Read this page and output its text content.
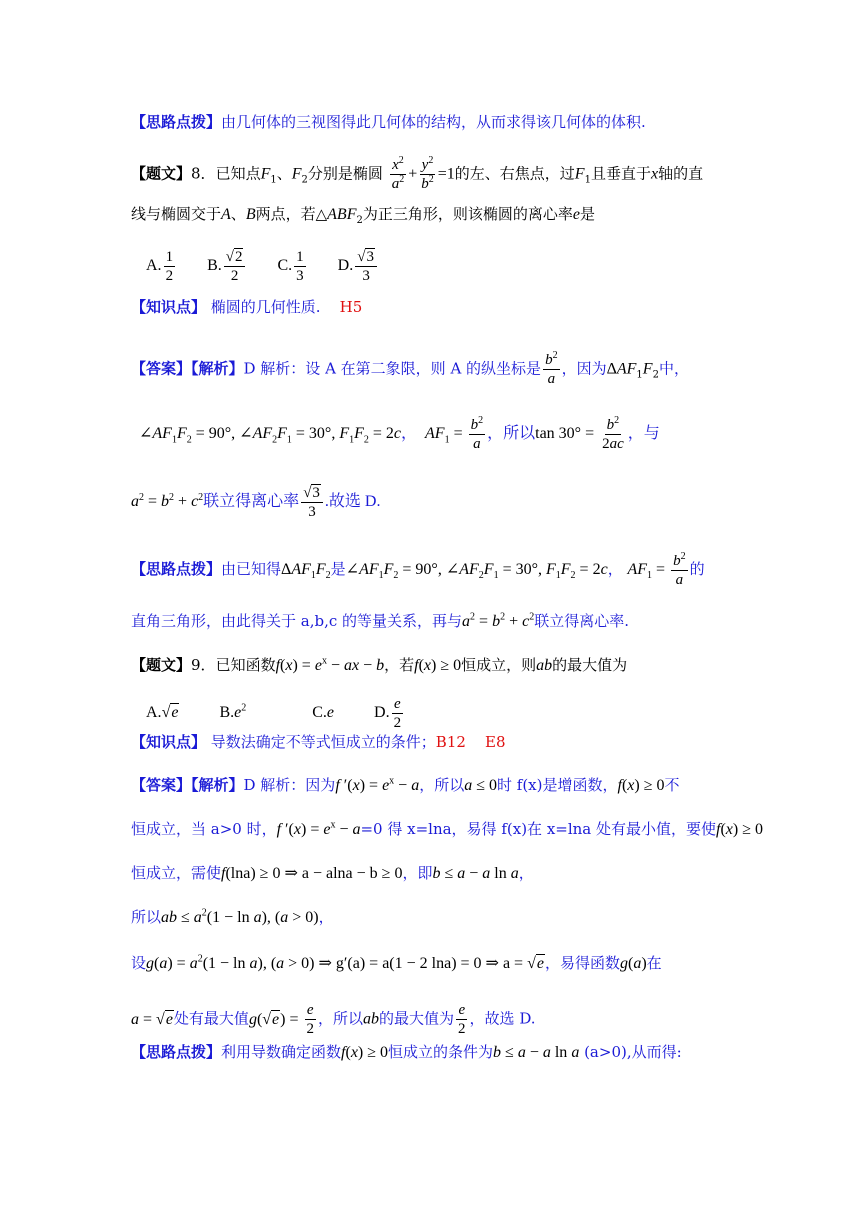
【思路点拨】由几何体的三视图得此几何体的结构，从而求得该几何体的体积.
【题文】8．已知点$F_1$、$F_2$分别是椭圆 $\frac{x^2}{a^2} + \frac{y^2}{b^2} =1$的左、右焦点，过$F_1$且垂直于x轴的直
线与椭圆交于A、B两点，若$\triangle ABF_2$为正三角形，则该椭圆的离心率e是
A. $\frac{1}{2} B$. $\frac{√2}{2} C$. $\frac{1}{3} D$. $\frac{√3}{3}$
【知识点】 椭圆的几何性质. H5
【答案】【解析】D 解析：设 A 在第二象限，则 A 的纵坐标是 $\frac{b^2}{a}$ ，因为$\Delta AF_1F_2$中，
$\angle AF_1F_2 = 90^\circ$, $\angle AF_2F_1 = 30^\circ$, $F_1F_2 = 2c$， $AF_1 = \frac{b^2}{a}$ ，所以$\tan 30^\circ = \frac{b^2}{2ac}$ ，与
$a^2 = b^2 + c^2$联立得离心率 $\frac{√3}{3}$ .故选 D.
【思路点拨】由已知得$\Delta AF_1F_2$是$\angle AF_1F_2 = 90^\circ$, $\angle AF_2F_1 = 30^\circ$, $F_1F_2 = 2c$， $AF_1 = \frac{b^2}{a}$ 的
直角三角形，由此得关于 a,b,c 的等量关系，再与$a^2 = b^2 + c^2$联立得离心率.
【题文】9．已知函数$f(x) = e^x$ − ax − b，若f(x) ≥ 0恒成立，则ab的最大值为
A.√e	$B.e^2$	C.e	D. $\frac{e}{2}$
【知识点】 导数法确定不等式恒成立的条件；B12 E8
【答案】【解析】D 解析：因为f $'(x) = e^x - a$，所以a ≤ 0时 f(x)是增函数，f(x) ≥ 0不
恒成立，当 a>0 时，f $'(x) = e^x - a=0$ 得 x=lna，易得 f(x)在 x=lna 处有最小值，要使f(x) ≥ 0
恒成立，需使f(lna) ≥ 0 ⇒ a − alna − b ≥ 0，即b ≤ a − a ln a，
所以ab ≤ $a^2(1 - \ln a)$, (a > 0)，
设$g(a) = a^2(1 - \ln a)$, (a > 0) ⇒ g′(a) = a(1 − 2 lna) = 0 ⇒ a = √e，易得函数g(a)在
a = √e处有最大值$g(√e) = \frac{e}{2}$ ，所以ab的最大值为 $\frac{e}{2}$ ，故选 D.
【思路点拨】利用导数确定函数f(x) ≥ 0恒成立的条件为b ≤ a − a ln a (a>0),从而得:
